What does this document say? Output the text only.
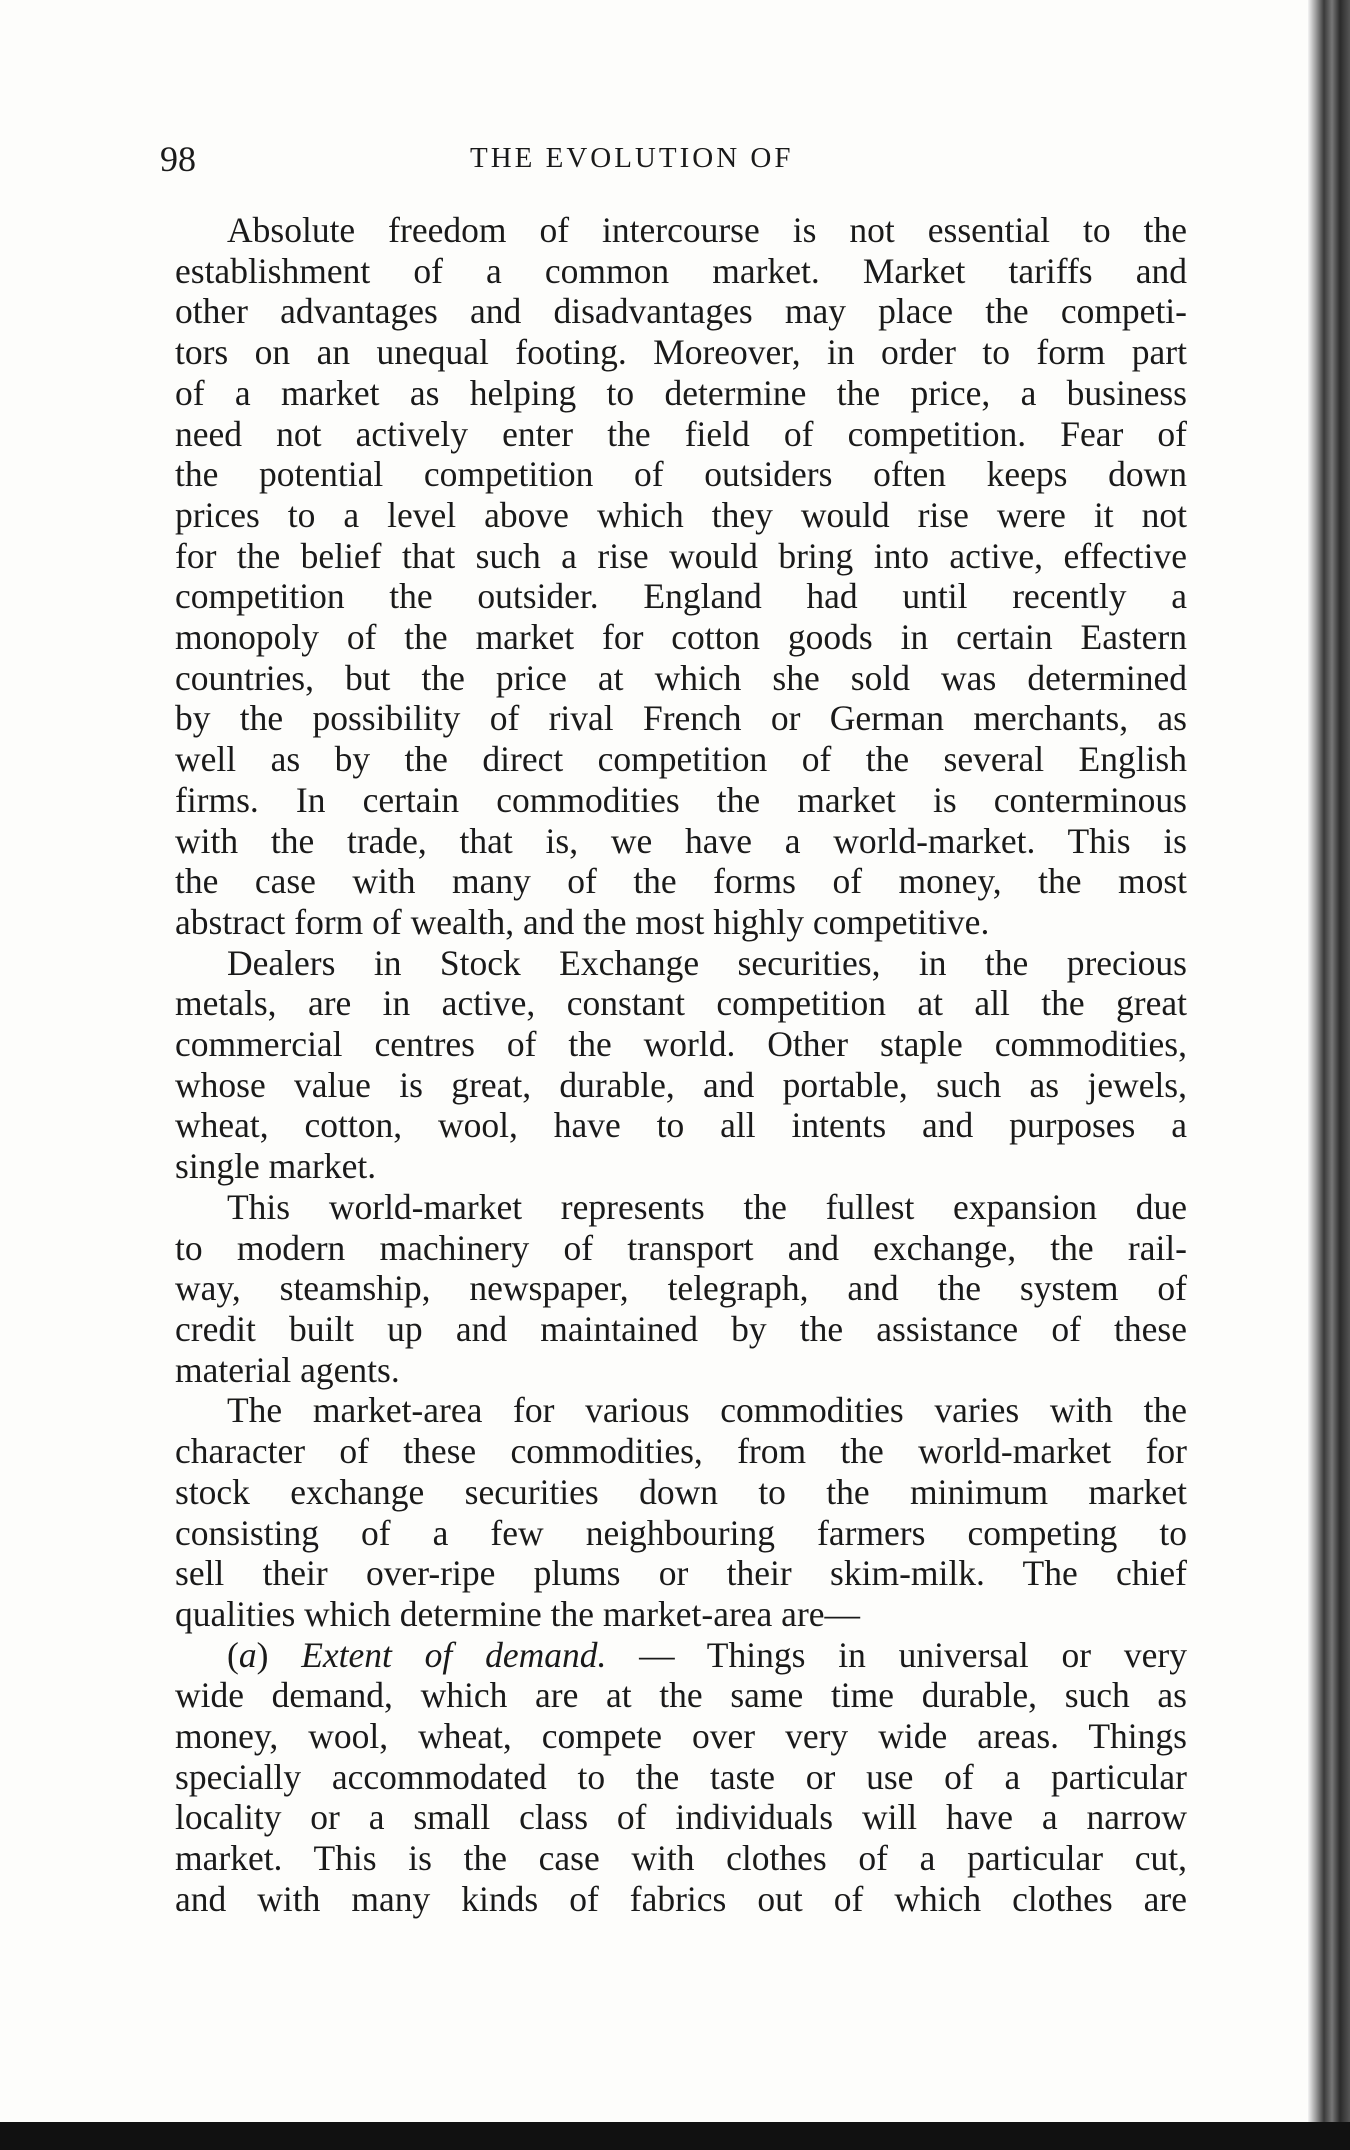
98	THE EVOLUTION OF
Absolute freedom of intercourse is not essential to the
establishment of a common market. Market tariffs and
other advantages and disadvantages may place the competi-
tors on an unequal footing. Moreover, in order to form part
of a market as helping to determine the price, a business
need not actively enter the field of competition. Fear of
the potential competition of outsiders often keeps down
prices to a level above which they would rise were it not
for the belief that such a rise would bring into active, effective
competition the outsider. England had until recently a
monopoly of the market for cotton goods in certain Eastern
countries, but the price at which she sold was determined
by the possibility of rival French or German merchants, as
well as by the direct competition of the several English
firms. In certain commodities the market is conterminous
with the trade, that is, we have a world-market. This is
the case with many of the forms of money, the most
abstract form of wealth, and the most highly competitive.
Dealers in Stock Exchange securities, in the precious
metals, are in active, constant competition at all the great
commercial centres of the world. Other staple commodities,
whose value is great, durable, and portable, such as jewels,
wheat, cotton, wool, have to all intents and purposes a
single market.
This world-market represents the fullest expansion due
to modern machinery of transport and exchange, the rail-
way, steamship, newspaper, telegraph, and the system of
credit built up and maintained by the assistance of these
material agents.
The market-area for various commodities varies with the
character of these commodities, from the world-market for
stock exchange securities down to the minimum market
consisting of a few neighbouring farmers competing to
sell their over-ripe plums or their skim-milk. The chief
qualities which determine the market-area are—
(a) Extent of demand. — Things in universal or very
wide demand, which are at the same time durable, such as
money, wool, wheat, compete over very wide areas. Things
specially accommodated to the taste or use of a particular
locality or a small class of individuals will have a narrow
market. This is the case with clothes of a particular cut,
and with many kinds of fabrics out of which clothes are
